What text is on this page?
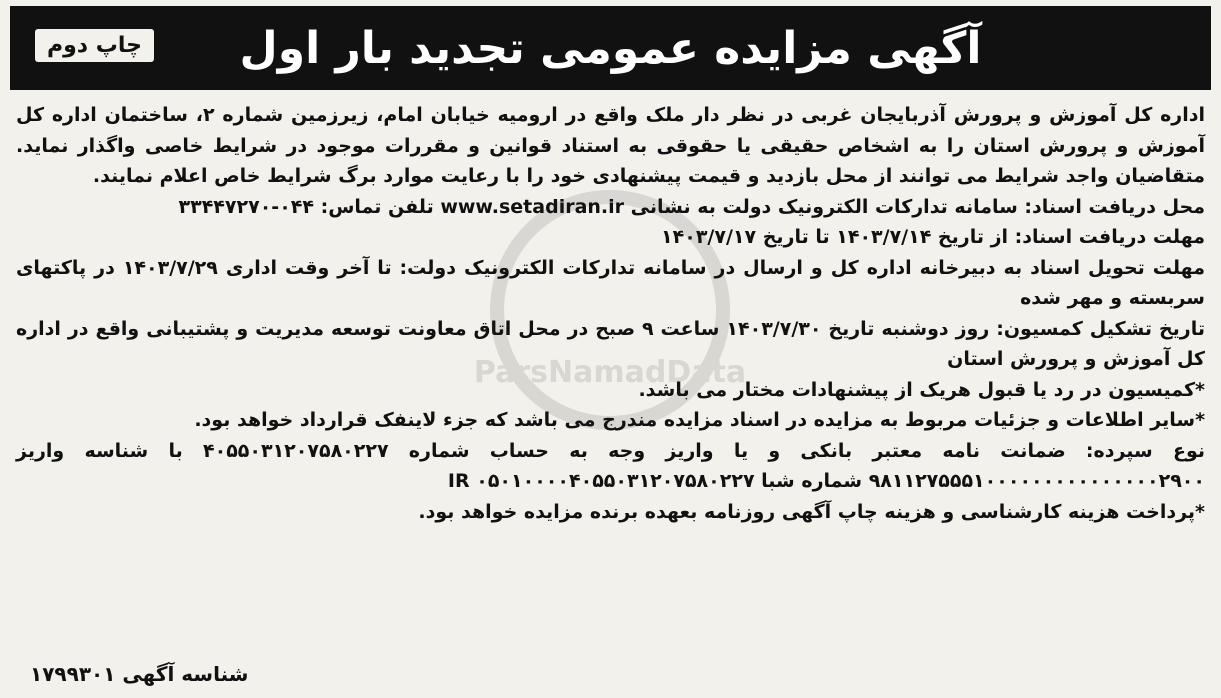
آگهی مزایده عمومی تجدید بار اول
چاپ دوم
ParsNamadData

اداره کل آموزش و پرورش آذربایجان غربی در نظر دار ملک واقع در ارومیه خیابان امام، زیرزمین شماره ۲، ساختمان اداره کل آموزش و پرورش استان را به اشخاص حقیقی یا حقوقی به استناد قوانین و مقررات موجود در شرایط خاصی واگذار نماید. متقاضیان واجد شرایط می توانند از محل بازدید و قیمت پیشنهادی خود را با رعایت موارد برگ شرایط خاص اعلام نمایند.

محل دریافت اسناد: سامانه تدارکات الکترونیک دولت به نشانی www.setadiran.ir تلفن تماس: ۰۴۴-۳۳۴۴۷۲۷۰

مهلت دریافت اسناد: از تاریخ ۱۴۰۳/۷/۱۴ تا تاریخ ۱۴۰۳/۷/۱۷

مهلت تحویل اسناد به دبیرخانه اداره کل و ارسال در سامانه تدارکات الکترونیک دولت: تا آخر وقت اداری ۱۴۰۳/۷/۲۹ در پاکتهای سربسته و مهر شده

تاریخ تشکیل کمسیون: روز دوشنبه تاریخ ۱۴۰۳/۷/۳۰ ساعت ۹ صبح در محل اتاق معاونت توسعه مدیریت و پشتیبانی واقع در اداره کل آموزش و پرورش استان

*کمیسیون در رد یا قبول هریک از پیشنهادات مختار می باشد.

*سایر اطلاعات و جزئیات مربوط به مزایده در اسناد مزایده مندرج می باشد که جزء لاینفک قرارداد خواهد بود.

نوع سپرده: ضمانت نامه معتبر بانکی و یا واریز وجه به حساب شماره ۴۰۵۵۰۳۱۲۰۷۵۸۰۲۲۷ با شناسه واریز ۹۸۱۱۲۷۵۵۵۱۰۰۰۰۰۰۰۰۰۰۰۰۰۰۰۲۹۰۰ شماره شبا IR ۰۵۰۱۰۰۰۰۴۰۵۵۰۳۱۲۰۷۵۸۰۲۲۷

*پرداخت هزینه کارشناسی و هزینه چاپ آگهی روزنامه بعهده برنده مزایده خواهد بود.

شناسه آگهی ۱۷۹۹۳۰۱
